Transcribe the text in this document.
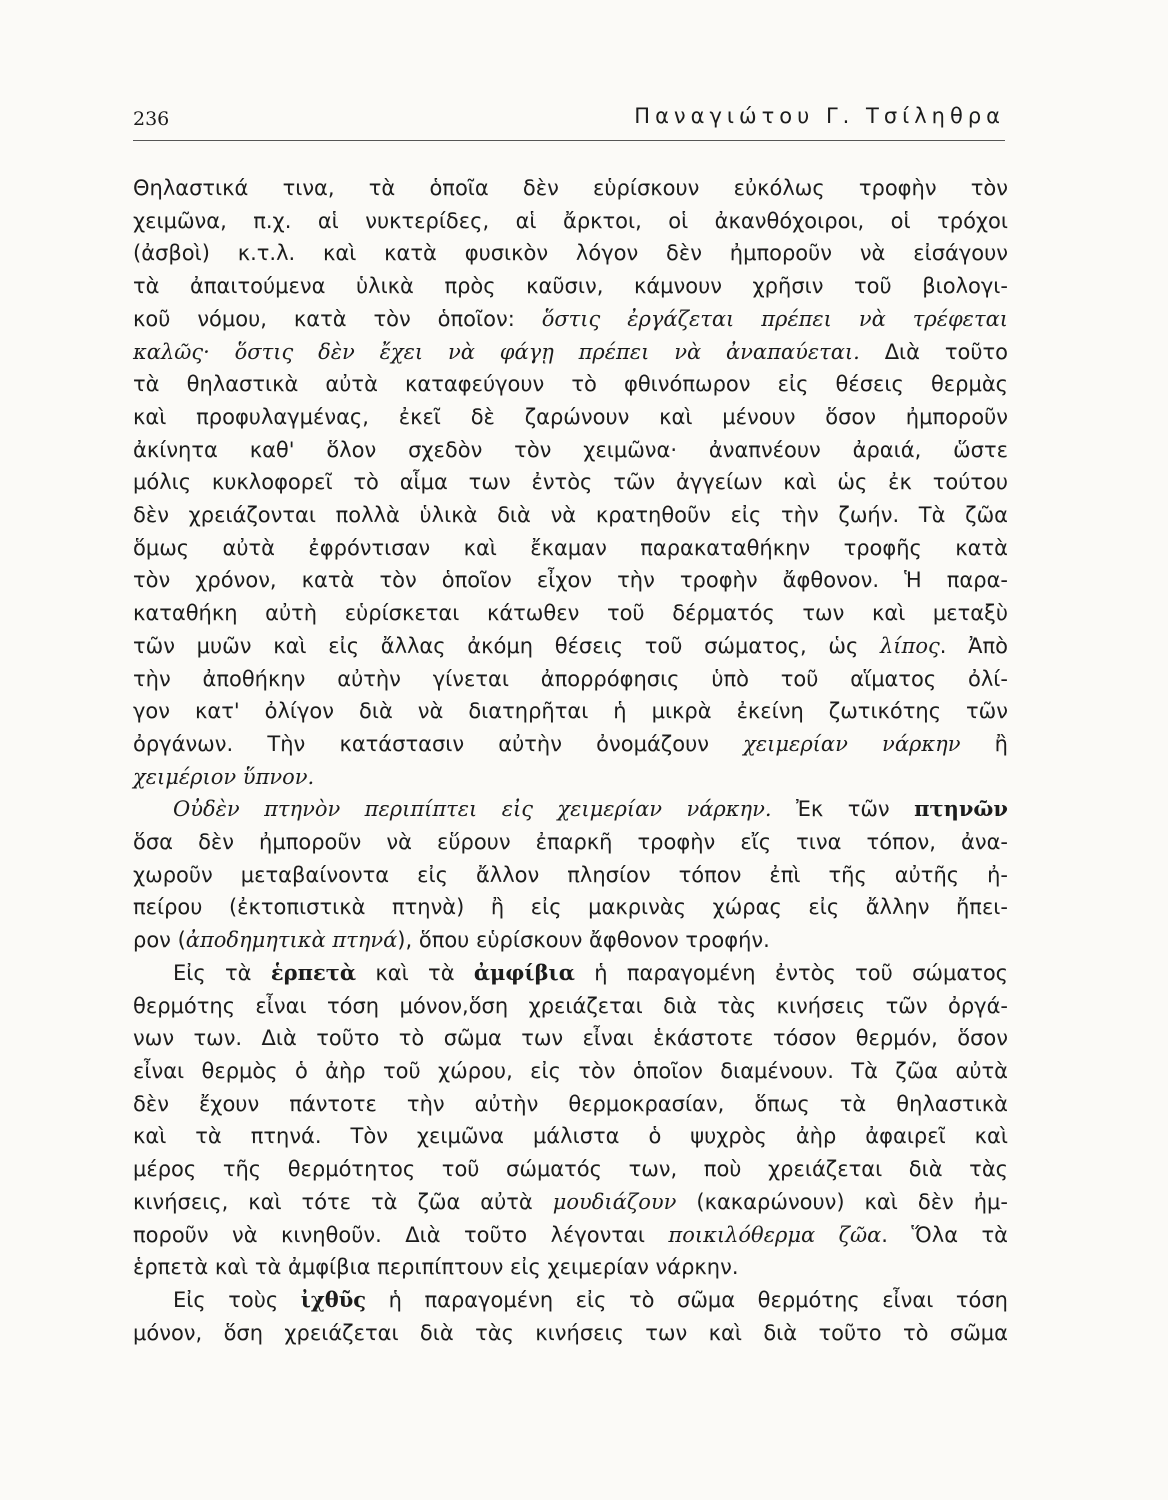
236	Παναγιώτου Γ. Τσίληθρα
Θηλαστικά τινα, τὰ ὁποῖα δὲν εὑρίσκουν εὐκόλως τροφὴν τὸν
χειμῶνα, π.χ. αἱ νυκτερίδες, αἱ ἄρκτοι, οἱ ἀκανθόχοιροι, οἱ τρόχοι
(ἀσβοὶ) κ.τ.λ. καὶ κατὰ φυσικὸν λόγον δὲν ἠμποροῦν νὰ εἰσάγουν
τὰ ἀπαιτούμενα ὑλικὰ πρὸς καῦσιν, κάμνουν χρῆσιν τοῦ βιολογι-
κοῦ νόμου, κατὰ τὸν ὁποῖον: ὅστις ἐργάζεται πρέπει νὰ τρέφεται
καλῶς· ὅστις δὲν ἔχει νὰ φάγῃ πρέπει νὰ ἀναπαύεται. Διὰ τοῦτο
τὰ θηλαστικὰ αὐτὰ καταφεύγουν τὸ φθινόπωρον εἰς θέσεις θερμὰς
καὶ προφυλαγμένας, ἐκεῖ δὲ ζαρώνουν καὶ μένουν ὅσον ἠμποροῦν
ἀκίνητα καθ' ὅλον σχεδὸν τὸν χειμῶνα· ἀναπνέουν ἀραιά, ὥστε
μόλις κυκλοφορεῖ τὸ αἷμα των ἐντὸς τῶν ἀγγείων καὶ ὡς ἐκ τούτου
δὲν χρειάζονται πολλὰ ὑλικὰ διὰ νὰ κρατηθοῦν εἰς τὴν ζωήν. Τὰ ζῶα
ὅμως αὐτὰ ἐφρόντισαν καὶ ἔκαμαν παρακαταθήκην τροφῆς κατὰ
τὸν χρόνον, κατὰ τὸν ὁποῖον εἶχον τὴν τροφὴν ἄφθονον. Ἡ παρα-
καταθήκη αὐτὴ εὑρίσκεται κάτωθεν τοῦ δέρματός των καὶ μεταξὺ
τῶν μυῶν καὶ εἰς ἄλλας ἀκόμη θέσεις τοῦ σώματος, ὡς λίπος. Ἀπὸ
τὴν ἀποθήκην αὐτὴν γίνεται ἀπορρόφησις ὑπὸ τοῦ αἵματος ὀλί-
γον κατ' ὀλίγον διὰ νὰ διατηρῆται ἡ μικρὰ ἐκείνη ζωτικότης τῶν
ὀργάνων. Τὴν κατάστασιν αὐτὴν ὀνομάζουν χειμερίαν νάρκην ἢ
χειμέριον ὕπνον.
Οὐδὲν πτηνὸν περιπίπτει εἰς χειμερίαν νάρκην. Ἐκ τῶν πτηνῶν
ὅσα δὲν ἠμποροῦν νὰ εὕρουν ἐπαρκῆ τροφὴν εἴς τινα τόπον, ἀνα-
χωροῦν μεταβαίνοντα εἰς ἄλλον πλησίον τόπον ἐπὶ τῆς αὐτῆς ἠ-
πείρου (ἐκτοπιστικὰ πτηνὰ) ἢ εἰς μακρινὰς χώρας εἰς ἄλλην ἤπει-
ρον (ἀποδημητικὰ πτηνά), ὅπου εὑρίσκουν ἄφθονον τροφήν.
Εἰς τὰ ἑρπετὰ καὶ τὰ ἀμφίβια ἡ παραγομένη ἐντὸς τοῦ σώματος
θερμότης εἶναι τόση μόνον,ὅση χρειάζεται διὰ τὰς κινήσεις τῶν ὀργά-
νων των. Διὰ τοῦτο τὸ σῶμα των εἶναι ἑκάστοτε τόσον θερμόν, ὅσον
εἶναι θερμὸς ὁ ἀὴρ τοῦ χώρου, εἰς τὸν ὁποῖον διαμένουν. Τὰ ζῶα αὐτὰ
δὲν ἔχουν πάντοτε τὴν αὐτὴν θερμοκρασίαν, ὅπως τὰ θηλαστικὰ
καὶ τὰ πτηνά. Τὸν χειμῶνα μάλιστα ὁ ψυχρὸς ἀὴρ ἀφαιρεῖ καὶ
μέρος τῆς θερμότητος τοῦ σώματός των, ποὺ χρειάζεται διὰ τὰς
κινήσεις, καὶ τότε τὰ ζῶα αὐτὰ μουδιάζουν (κακαρώνουν) καὶ δὲν ἠμ-
ποροῦν νὰ κινηθοῦν. Διὰ τοῦτο λέγονται ποικιλόθερμα ζῶα. Ὅλα τὰ
ἑρπετὰ καὶ τὰ ἀμφίβια περιπίπτουν εἰς χειμερίαν νάρκην.
Εἰς τοὺς ἰχθῦς ἡ παραγομένη εἰς τὸ σῶμα θερμότης εἶναι τόση
μόνον, ὅση χρειάζεται διὰ τὰς κινήσεις των καὶ διὰ τοῦτο τὸ σῶμα
